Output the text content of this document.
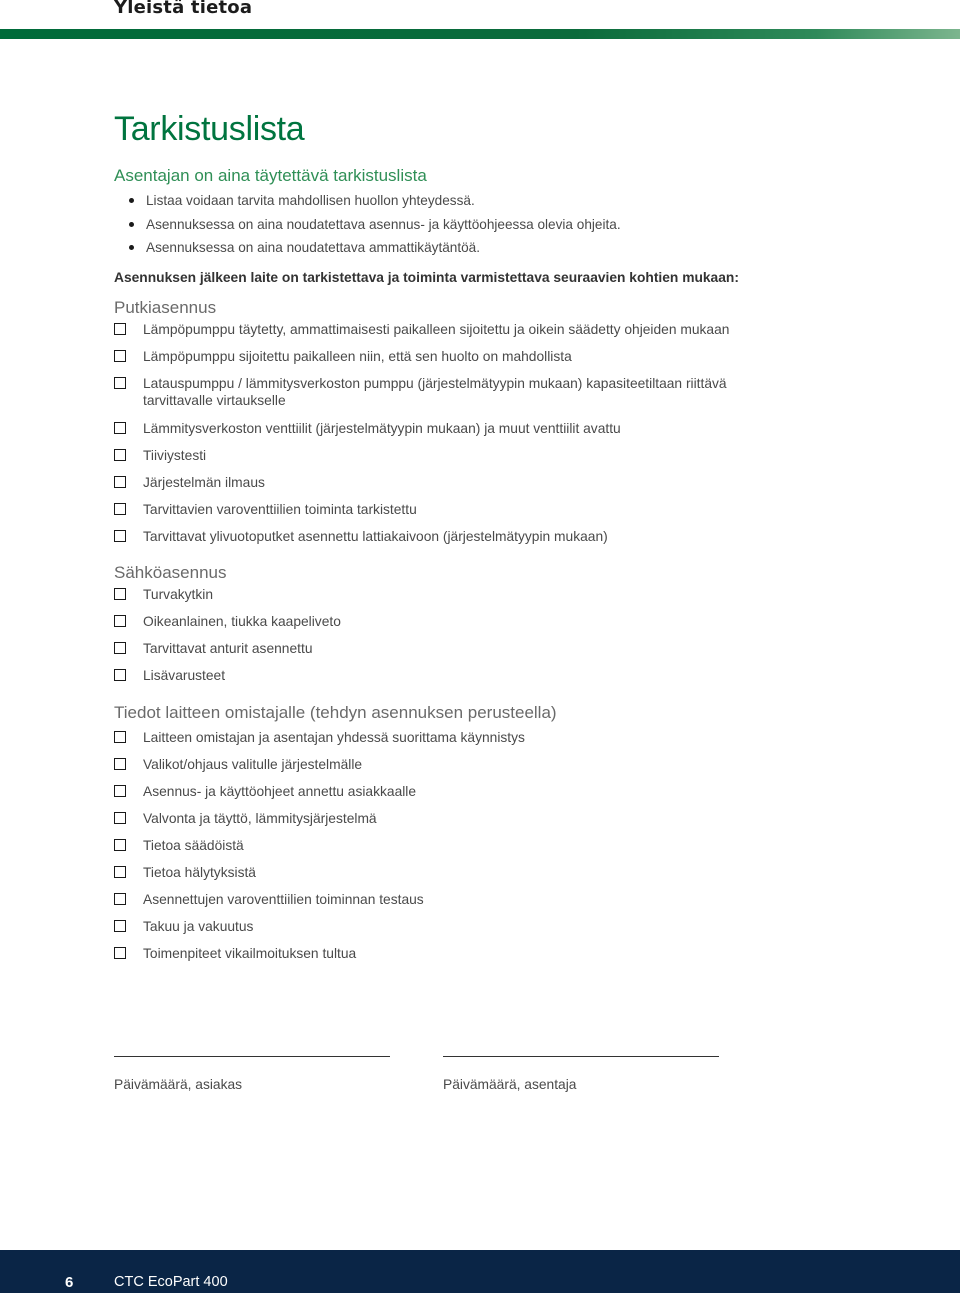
Yleistä tietoa
Tarkistuslista
Asentajan on aina täytettävä tarkistuslista
Listaa voidaan tarvita mahdollisen huollon yhteydessä.
Asennuksessa on aina noudatettava asennus- ja käyttöohjeessa olevia ohjeita.
Asennuksessa on aina noudatettava ammattikäytäntöä.
Asennuksen jälkeen laite on tarkistettava ja toiminta varmistettava seuraavien kohtien mukaan:
Putkiasennus
Lämpöpumppu täytetty, ammattimaisesti paikalleen sijoitettu ja oikein säädetty ohjeiden mukaan
Lämpöpumppu sijoitettu paikalleen niin, että sen huolto on mahdollista
Latauspumppu / lämmitysverkoston pumppu (järjestelmätyypin mukaan) kapasiteetiltaan riittävä
tarvittavalle virtaukselle
Lämmitysverkoston venttiilit (järjestelmätyypin mukaan) ja muut venttiilit avattu
Tiiviystesti
Järjestelmän ilmaus
Tarvittavien varoventtiilien toiminta tarkistettu
Tarvittavat ylivuotoputket asennettu lattiakaivoon (järjestelmätyypin mukaan)
Sähköasennus
Turvakytkin
Oikeanlainen, tiukka kaapeliveto
Tarvittavat anturit asennettu
Lisävarusteet
Tiedot laitteen omistajalle (tehdyn asennuksen perusteella)
Laitteen omistajan ja asentajan yhdessä suorittama käynnistys
Valikot/ohjaus valitulle järjestelmälle
Asennus- ja käyttöohjeet annettu asiakkaalle
Valvonta ja täyttö, lämmitysjärjestelmä
Tietoa säädöistä
Tietoa hälytyksistä
Asennettujen varoventtiilien toiminnan testaus
Takuu ja vakuutus
Toimenpiteet vikailmoituksen tultua
Päivämäärä, asiakas	Päivämäärä, asentaja
6	CTC EcoPart 400
